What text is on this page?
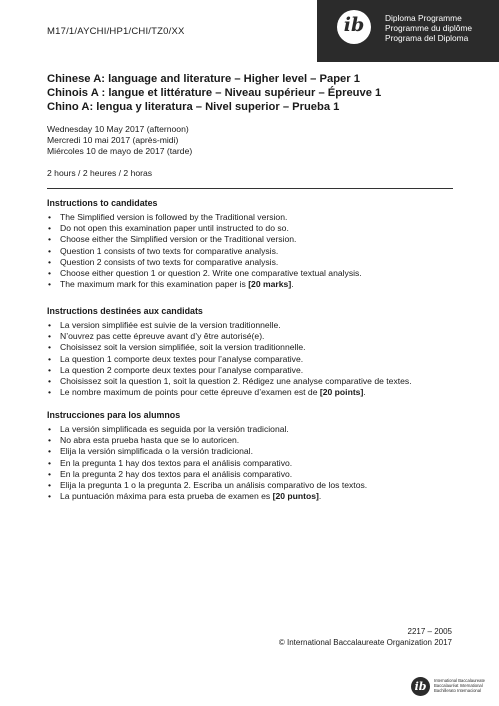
M17/1/AYCHI/HP1/CHI/TZ0/XX	ib	Diploma Programme
Programme du diplôme
Programa del Diploma
Chinese A: language and literature – Higher level – Paper 1
Chinois A : langue et littérature – Niveau supérieur – Épreuve 1
Chino A: lengua y literatura – Nivel superior – Prueba 1
Wednesday 10 May 2017 (afternoon)
Mercredi 10 mai 2017 (après-midi)
Miércoles 10 de mayo de 2017 (tarde)
2 hours / 2 heures / 2 horas
Instructions to candidates
• The Simplified version is followed by the Traditional version.
• Do not open this examination paper until instructed to do so.
• Choose either the Simplified version or the Traditional version.
• Question 1 consists of two texts for comparative analysis.
• Question 2 consists of two texts for comparative analysis.
• Choose either question 1 or question 2. Write one comparative textual analysis.
• The maximum mark for this examination paper is [20 marks].
Instructions destinées aux candidats
• La version simplifiée est suivie de la version traditionnelle.
• N’ouvrez pas cette épreuve avant d’y être autorisé(e).
• Choisissez soit la version simplifiée, soit la version traditionnelle.
• La question 1 comporte deux textes pour l’analyse comparative.
• La question 2 comporte deux textes pour l’analyse comparative.
• Choisissez soit la question 1, soit la question 2. Rédigez une analyse comparative de textes.
• Le nombre maximum de points pour cette épreuve d’examen est de [20 points].
Instrucciones para los alumnos
• La versión simplificada es seguida por la versión tradicional.
• No abra esta prueba hasta que se lo autoricen.
• Elija la versión simplificada o la versión tradicional.
• En la pregunta 1 hay dos textos para el análisis comparativo.
• En la pregunta 2 hay dos textos para el análisis comparativo.
• Elija la pregunta 1 o la pregunta 2. Escriba un análisis comparativo de los textos.
• La puntuación máxima para esta prueba de examen es [20 puntos].
2217 – 2005
© International Baccalaureate Organization 2017
ib	International Baccalaureate
Baccalauréat International
Bachillerato Internacional
